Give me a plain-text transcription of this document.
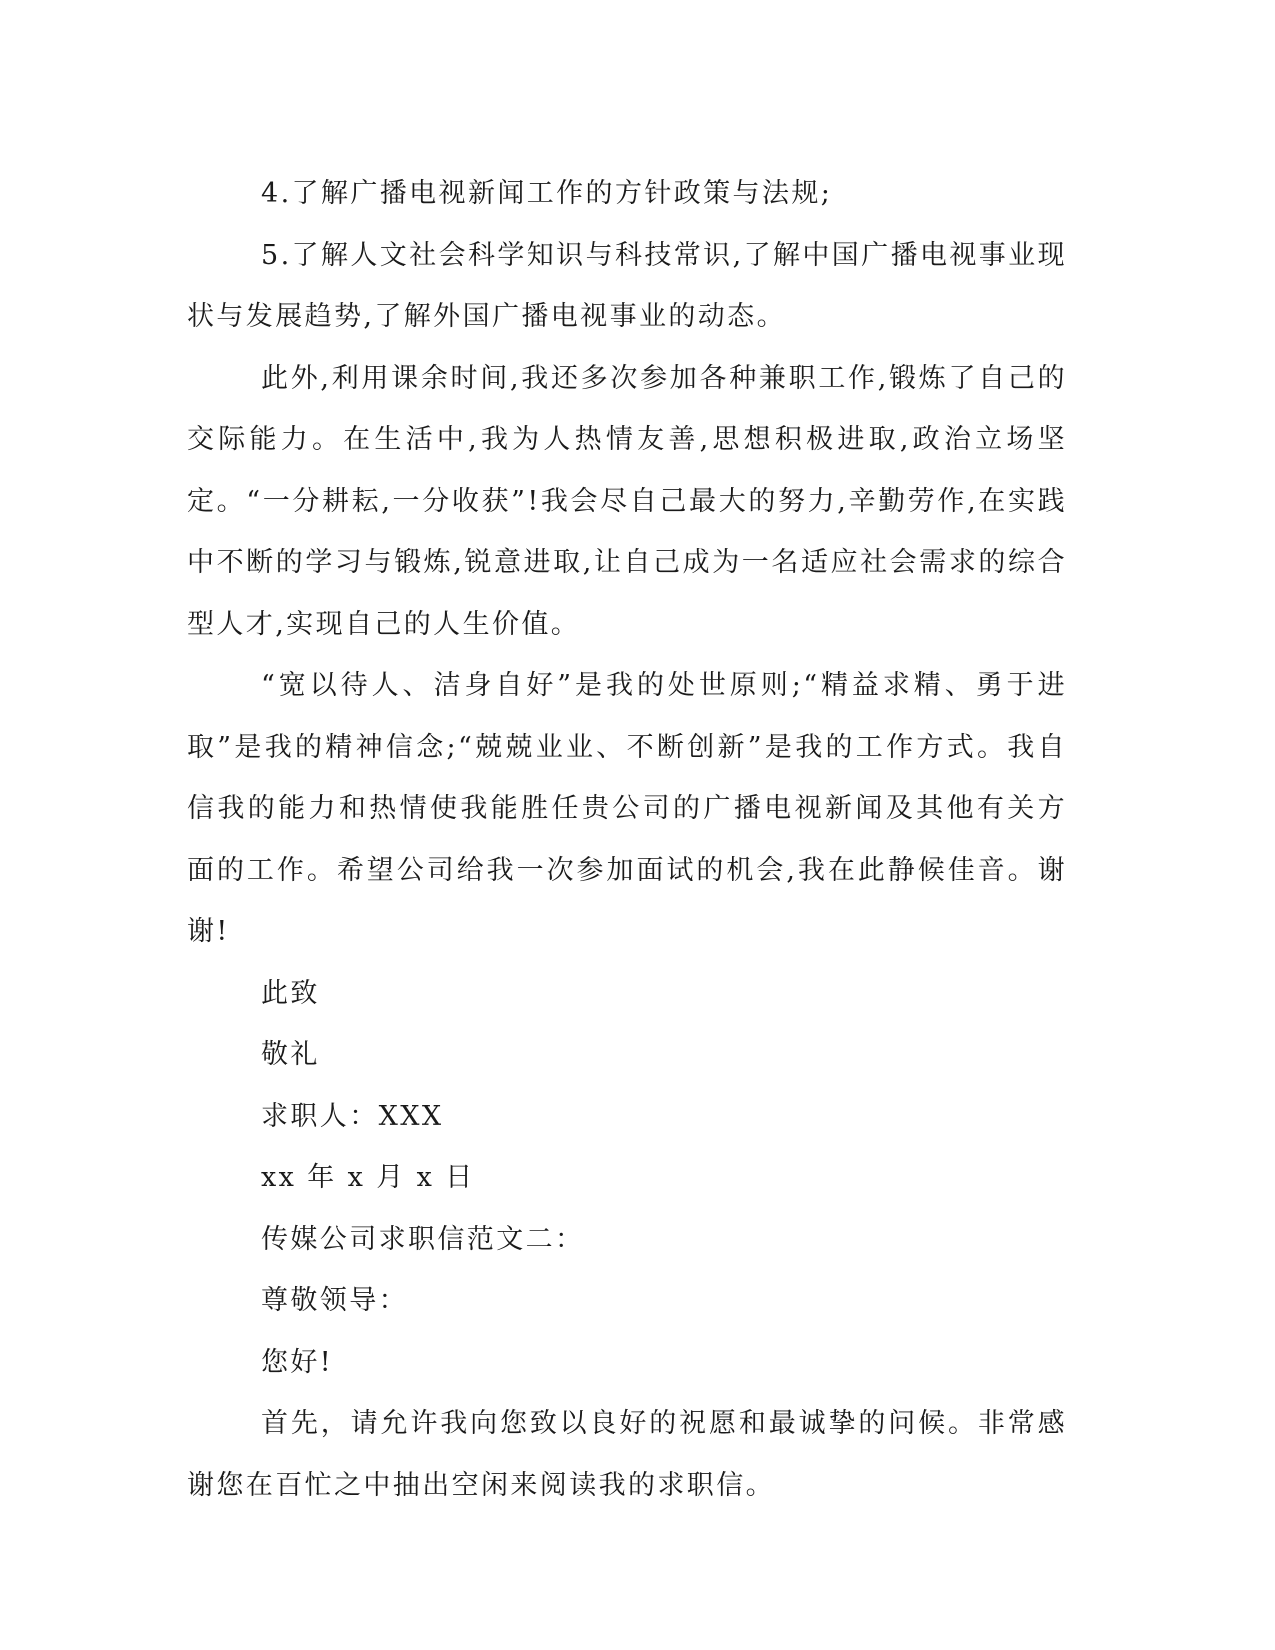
4.了解广播电视新闻工作的方针政策与法规;

5.了解人文社会科学知识与科技常识,了解中国广播电视事业现状与发展趋势,了解外国广播电视事业的动态。

此外,利用课余时间,我还多次参加各种兼职工作,锻炼了自己的交际能力。在生活中,我为人热情友善,思想积极进取,政治立场坚定。“一分耕耘,一分收获”!我会尽自己最大的努力,辛勤劳作,在实践中不断的学习与锻炼,锐意进取,让自己成为一名适应社会需求的综合型人才,实现自己的人生价值。

“宽以待人、洁身自好”是我的处世原则;“精益求精、勇于进取”是我的精神信念;“兢兢业业、不断创新”是我的工作方式。我自信我的能力和热情使我能胜任贵公司的广播电视新闻及其他有关方面的工作。希望公司给我一次参加面试的机会,我在此静候佳音。谢谢!

此致

敬礼

求职人：XXX

xx 年 x 月 x 日

传媒公司求职信范文二：

尊敬领导：

您好!

首先，请允许我向您致以良好的祝愿和最诚挚的问候。非常感谢您在百忙之中抽出空闲来阅读我的求职信。
